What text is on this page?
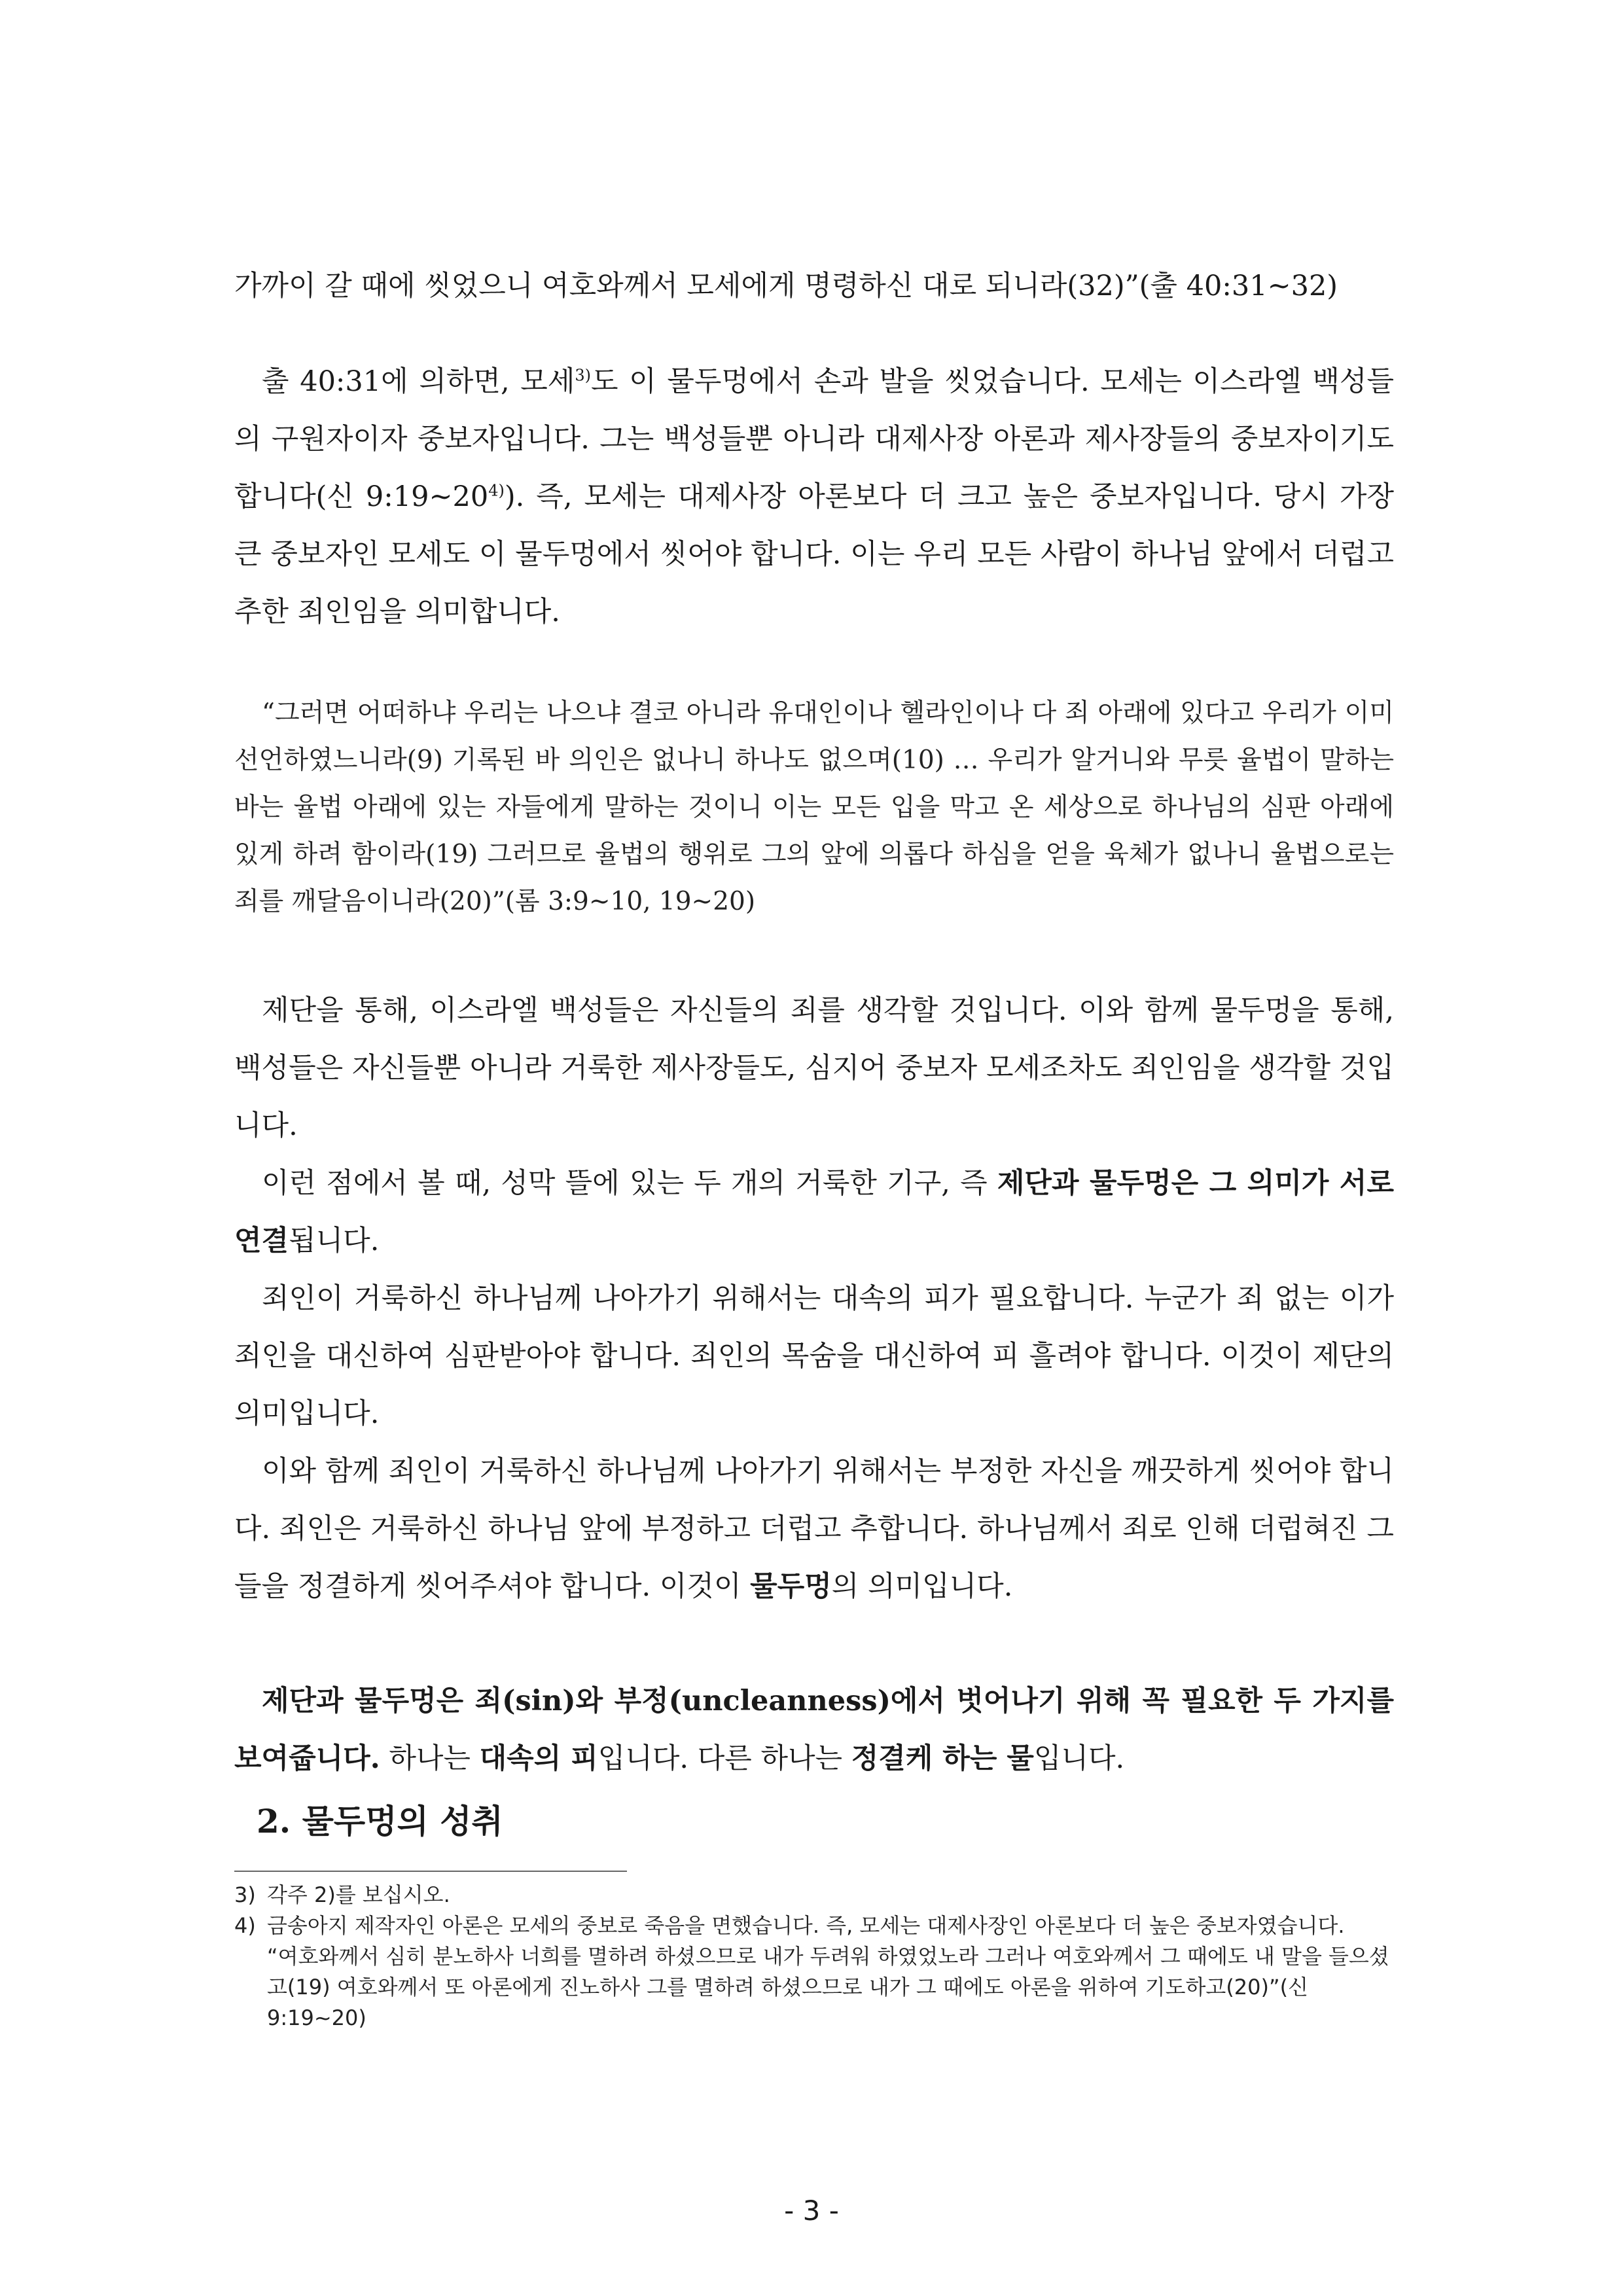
가까이 갈 때에 씻었으니 여호와께서 모세에게 명령하신 대로 되니라(32)”(출 40:31~32)
출 40:31에 의하면, 모세$^{3)}$도 이 물두멍에서 손과 발을 씻었습니다. 모세는 이스라엘 백성들의 구원자이자 중보자입니다. 그는 백성들뿐 아니라 대제사장 아론과 제사장들의 중보자이기도 합니다(신 9:19~20$^{4)}$). 즉, 모세는 대제사장 아론보다 더 크고 높은 중보자입니다. 당시 가장 큰 중보자인 모세도 이 물두멍에서 씻어야 합니다. 이는 우리 모든 사람이 하나님 앞에서 더럽고 추한 죄인임을 의미합니다.
“그러면 어떠하냐 우리는 나으냐 결코 아니라 유대인이나 헬라인이나 다 죄 아래에 있다고 우리가 이미 선언하였느니라(9) 기록된 바 의인은 없나니 하나도 없으며(10) … 우리가 알거니와 무릇 율법이 말하는 바는 율법 아래에 있는 자들에게 말하는 것이니 이는 모든 입을 막고 온 세상으로 하나님의 심판 아래에 있게 하려 함이라(19) 그러므로 율법의 행위로 그의 앞에 의롭다 하심을 얻을 육체가 없나니 율법으로는 죄를 깨달음이니라(20)”(롬 3:9~10, 19~20)
제단을 통해, 이스라엘 백성들은 자신들의 죄를 생각할 것입니다. 이와 함께 물두멍을 통해, 백성들은 자신들뿐 아니라 거룩한 제사장들도, 심지어 중보자 모세조차도 죄인임을 생각할 것입니다.
이런 점에서 볼 때, 성막 뜰에 있는 두 개의 거룩한 기구, 즉 제단과 물두멍은 그 의미가 서로 연결됩니다.
죄인이 거룩하신 하나님께 나아가기 위해서는 대속의 피가 필요합니다. 누군가 죄 없는 이가 죄인을 대신하여 심판받아야 합니다. 죄인의 목숨을 대신하여 피 흘려야 합니다. 이것이 제단의 의미입니다.
이와 함께 죄인이 거룩하신 하나님께 나아가기 위해서는 부정한 자신을 깨끗하게 씻어야 합니다. 죄인은 거룩하신 하나님 앞에 부정하고 더럽고 추합니다. 하나님께서 죄로 인해 더럽혀진 그들을 정결하게 씻어주셔야 합니다. 이것이 물두멍의 의미입니다.
제단과 물두멍은 죄(sin)와 부정(uncleanness)에서 벗어나기 위해 꼭 필요한 두 가지를 보여줍니다. 하나는 대속의 피입니다. 다른 하나는 정결케 하는 물입니다.
2. 물두멍의 성취
3) 각주 2)를 보십시오.
4) 금송아지 제작자인 아론은 모세의 중보로 죽음을 면했습니다. 즉, 모세는 대제사장인 아론보다 더 높은 중보자였습니다.
“여호와께서 심히 분노하사 너희를 멸하려 하셨으므로 내가 두려워 하였었노라 그러나 여호와께서 그 때에도 내 말을 들으셨고(19) 여호와께서 또 아론에게 진노하사 그를 멸하려 하셨으므로 내가 그 때에도 아론을 위하여 기도하고(20)”(신 9:19~20)
- 3 -
